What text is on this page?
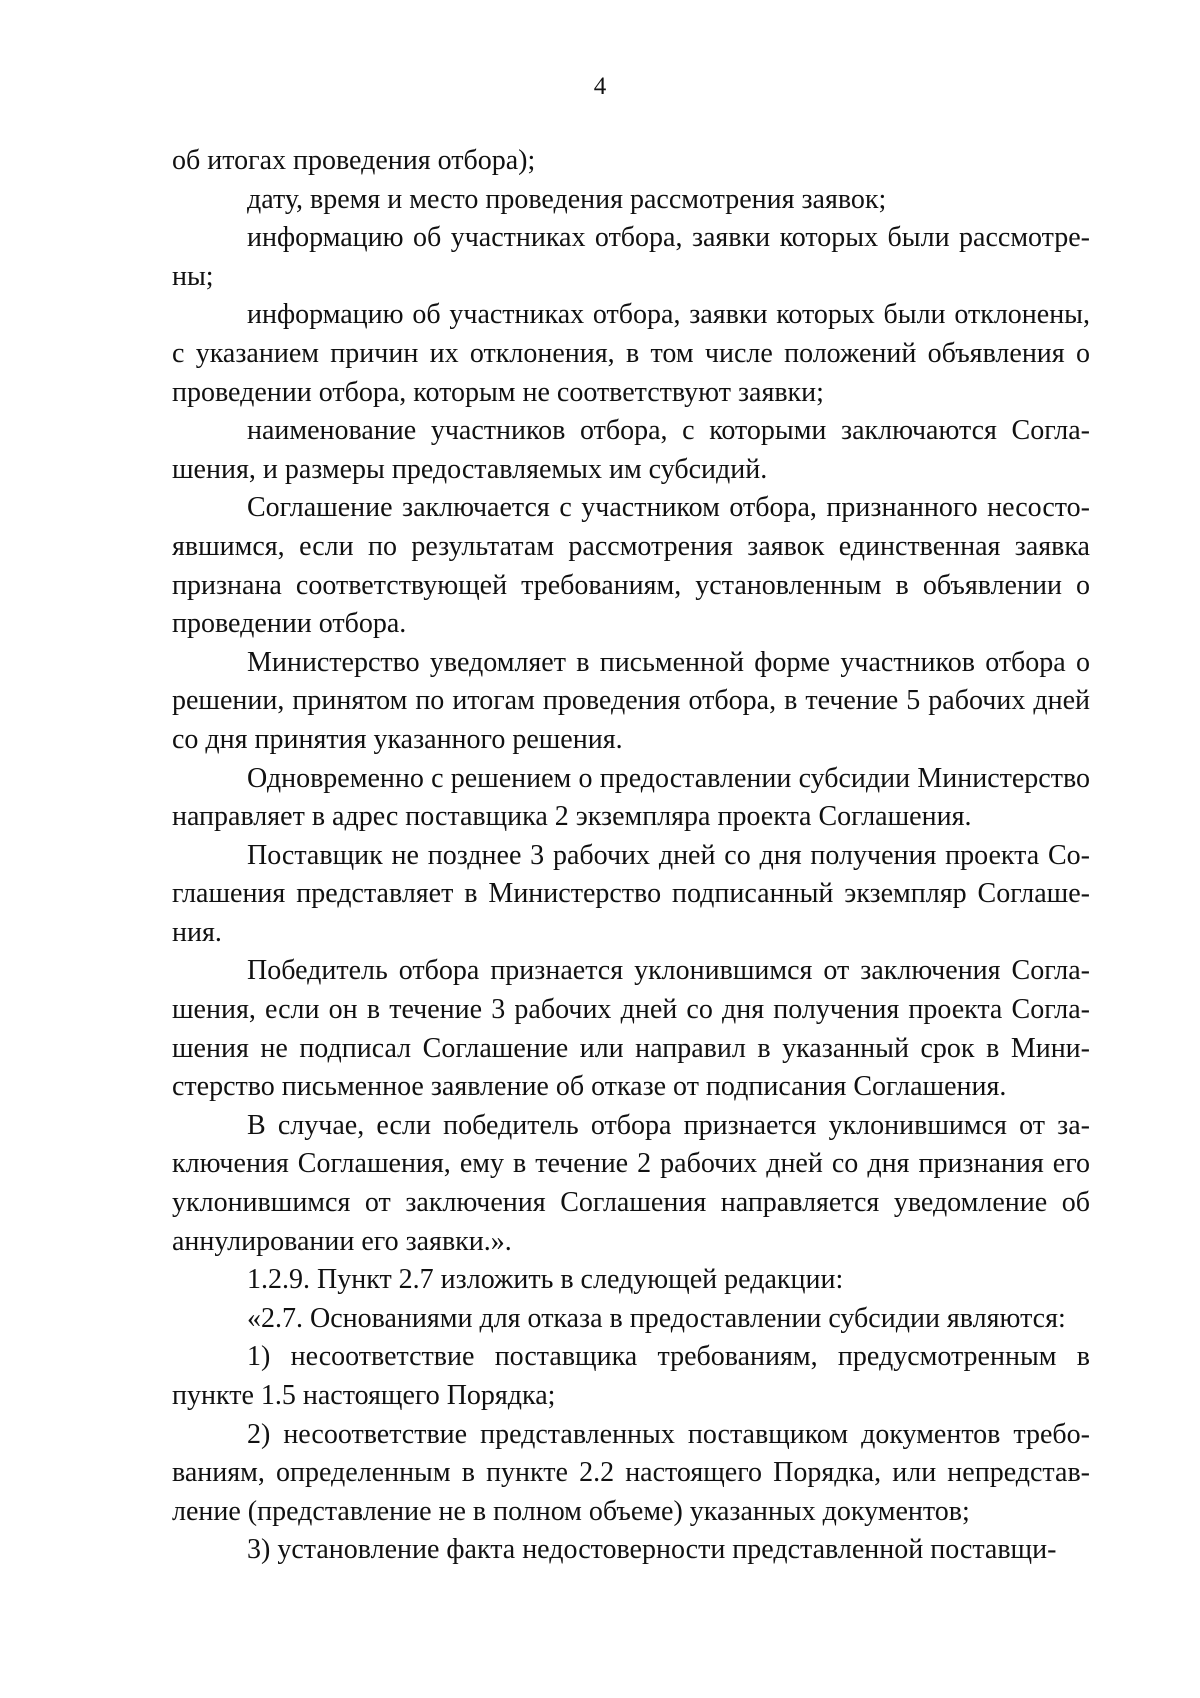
4

об итогах проведения отбора);

дату, время и место проведения рассмотрения заявок;

информацию об участниках отбора, заявки которых были рассмотрены;

информацию об участниках отбора, заявки которых были отклонены, с указанием причин их отклонения, в том числе положений объявления о проведении отбора, которым не соответствуют заявки;

наименование участников отбора, с которыми заключаются Соглашения, и размеры предоставляемых им субсидий.

Соглашение заключается с участником отбора, признанного несостоявшимся, если по результатам рассмотрения заявок единственная заявка признана соответствующей требованиям, установленным в объявлении о проведении отбора.

Министерство уведомляет в письменной форме участников отбора о решении, принятом по итогам проведения отбора, в течение 5 рабочих дней со дня принятия указанного решения.

Одновременно с решением о предоставлении субсидии Министерство направляет в адрес поставщика 2 экземпляра проекта Соглашения.

Поставщик не позднее 3 рабочих дней со дня получения проекта Соглашения представляет в Министерство подписанный экземпляр Соглашения.

Победитель отбора признается уклонившимся от заключения Соглашения, если он в течение 3 рабочих дней со дня получения проекта Соглашения не подписал Соглашение или направил в указанный срок в Министерство письменное заявление об отказе от подписания Соглашения.

В случае, если победитель отбора признается уклонившимся от заключения Соглашения, ему в течение 2 рабочих дней со дня признания его уклонившимся от заключения Соглашения направляется уведомление об аннулировании его заявки.».

1.2.9. Пункт 2.7 изложить в следующей редакции:

«2.7. Основаниями для отказа в предоставлении субсидии являются:

1) несоответствие поставщика требованиям, предусмотренным в пункте 1.5 настоящего Порядка;

2) несоответствие представленных поставщиком документов требованиям, определенным в пункте 2.2 настоящего Порядка, или непредставление (представление не в полном объеме) указанных документов;

3) установление факта недостоверности представленной поставщи-
